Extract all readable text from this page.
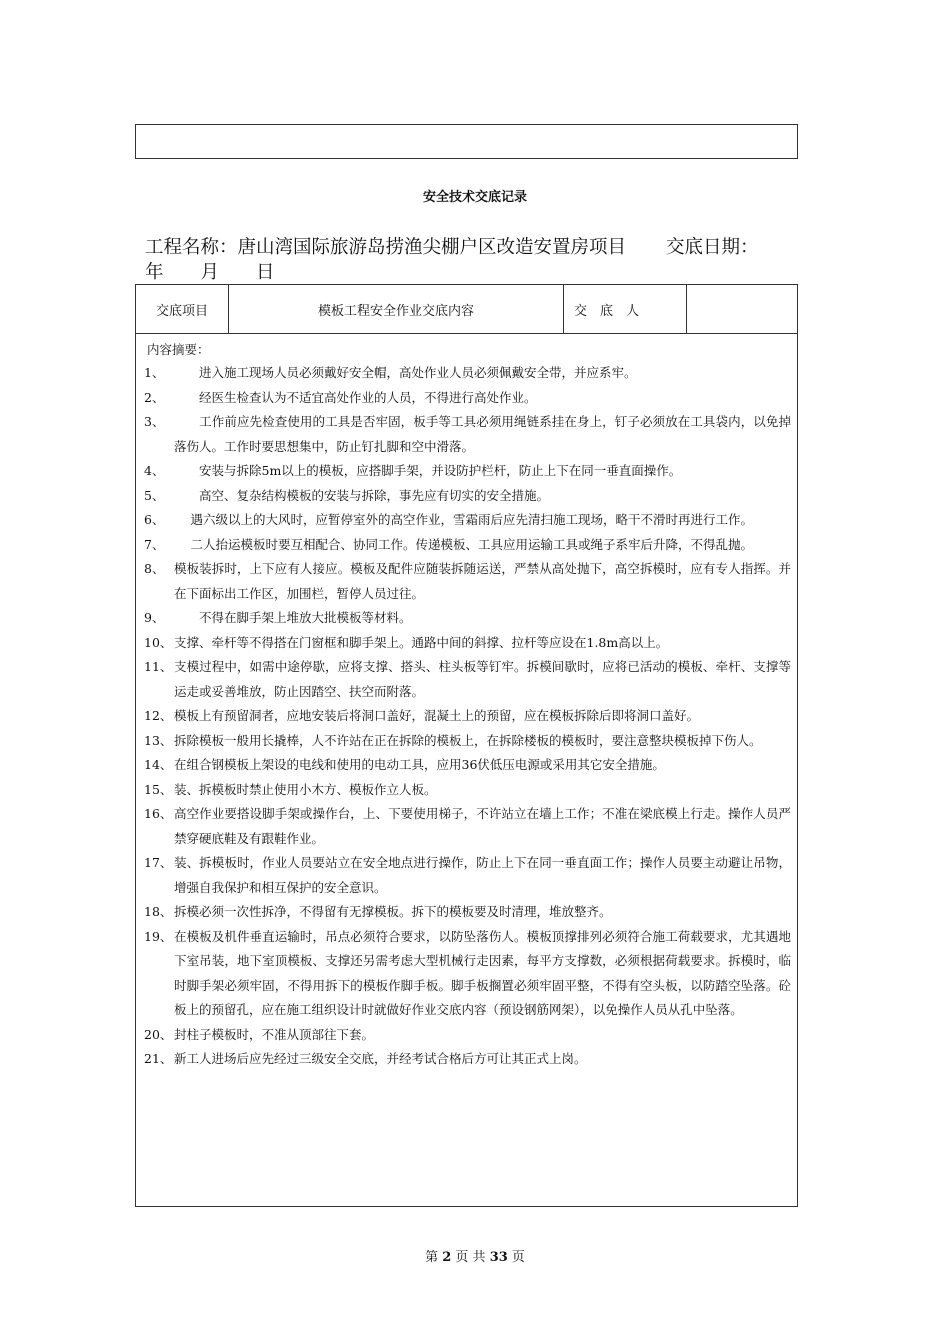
安全技术交底记录
工程名称：唐山湾国际旅游岛捞渔尖棚户区改造安置房项目 交底日期：
年　　月　　日
交底项目	模板工程安全作业交底内容	交　底　人	
内容摘要：
1、 　　进入施工现场人员必须戴好安全帽，高处作业人员必须佩戴安全带，并应系牢。
2、 　　经医生检查认为不适宜高处作业的人员，不得进行高处作业。
3、 　　工作前应先检查使用的工具是否牢固，板手等工具必须用绳链系挂在身上，钉子必须放在工具袋内，以免掉落伤人。工作时要思想集中，防止钉扎脚和空中滑落。
4、 　　安装与拆除5m以上的模板，应搭脚手架，并设防护栏杆，防止上下在同一垂直面操作。
5、 　　高空、复杂结构模板的安装与拆除，事先应有切实的安全措施。
6、 　 遇六级以上的大风时，应暂停室外的高空作业，雪霜雨后应先清扫施工现场，略干不滑时再进行工作。
7、 　 二人抬运模板时要互相配合、协同工作。传递模板、工具应用运输工具或绳子系牢后升降，不得乱抛。
8、 模板装拆时，上下应有人接应。模板及配件应随装拆随运送，严禁从高处抛下，高空拆模时，应有专人指挥。并在下面标出工作区，加围栏，暂停人员过往。
9、 　　不得在脚手架上堆放大批模板等材料。
10、 支撑、牵杆等不得搭在门窗框和脚手架上。通路中间的斜撑、拉杆等应设在1.8m高以上。
11、 支模过程中，如需中途停歇，应将支撑、搭头、柱头板等钉牢。拆模间歇时，应将已活动的模板、牵杆、支撑等运走或妥善堆放，防止因踏空、扶空而附落。
12、 模板上有预留洞者，应地安装后将洞口盖好，混凝土上的预留，应在模板拆除后即将洞口盖好。
13、 拆除模板一般用长撬棒，人不许站在正在拆除的模板上，在拆除楼板的模板时，要注意整块模板掉下伤人。
14、 在组合钢模板上架设的电线和使用的电动工具，应用36伏低压电源或采用其它安全措施。
15、 装、拆模板时禁止使用小木方、模板作立人板。
16、 高空作业要搭设脚手架或操作台，上、下要使用梯子，不许站立在墙上工作；不准在梁底模上行走。操作人员严禁穿硬底鞋及有跟鞋作业。
17、 装、拆模板时，作业人员要站立在安全地点进行操作，防止上下在同一垂直面工作；操作人员要主动避让吊物，增强自我保护和相互保护的安全意识。
18、 拆模必须一次性拆净，不得留有无撑模板。拆下的模板要及时清理，堆放整齐。
19、 在模板及机件垂直运输时，吊点必须符合要求，以防坠落伤人。模板顶撑排列必须符合施工荷载要求，尤其遇地下室吊装，地下室顶模板、支撑还另需考虑大型机械行走因素，每平方支撑数，必须根据荷载要求。拆模时，临时脚手架必须牢固，不得用拆下的模板作脚手板。脚手板搁置必须牢固平整，不得有空头板，以防踏空坠落。砼板上的预留孔，应在施工组织设计时就做好作业交底内容（预设钢筋网架），以免操作人员从孔中坠落。
20、 封柱子模板时，不准从顶部往下套。
21、 新工人进场后应先经过三级安全交底，并经考试合格后方可让其正式上岗。
第 2 页 共 33 页
